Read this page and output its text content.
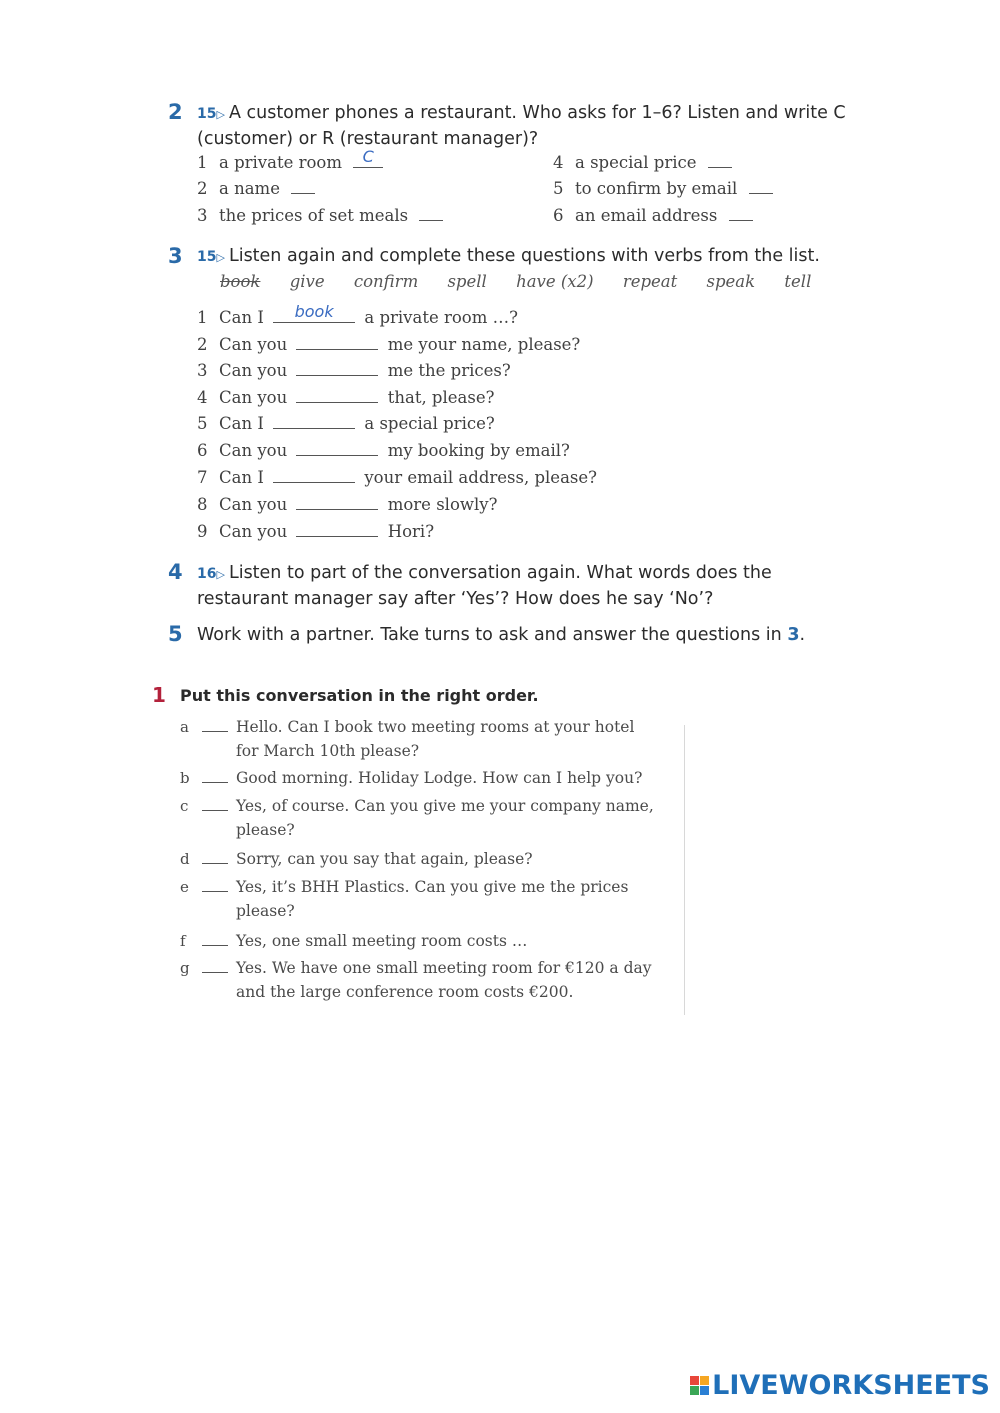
2 15▷ A customer phones a restaurant. Who asks for 1–6? Listen and write C
(customer) or R (restaurant manager)?
1 a private room	C
2 a name
3 the prices of set meals
4 a special price
5 to confirm by email
6 an email address
3 15▷ Listen again and complete these questions with verbs from the list.
book give confirm spell have (x2) repeat speak tell
1 Can I	book	a private room …?
2 Can you	me your name, please?
3 Can you	me the prices?
4 Can you	that, please?
5 Can I	a special price?
6 Can you	my booking by email?
7 Can I	your email address, please?
8 Can you	more slowly?
9 Can you	Hori?
4 16▷ Listen to part of the conversation again. What words does the
restaurant manager say after ‘Yes’? How does he say ‘No’?
5 Work with a partner. Take turns to ask and answer the questions in 3.
1 Put this conversation in the right order.
a	Hello. Can I book two meeting rooms at your hotel for March 10th please?
b	Good morning. Holiday Lodge. How can I help you?
c	Yes, of course. Can you give me your company name, please?
d	Sorry, can you say that again, please?
e	Yes, it’s BHH Plastics. Can you give me the prices please?
f	Yes, one small meeting room costs …
g	Yes. We have one small meeting room for €120 a day and the large conference room costs €200.
LIVEWORKSHEETS
